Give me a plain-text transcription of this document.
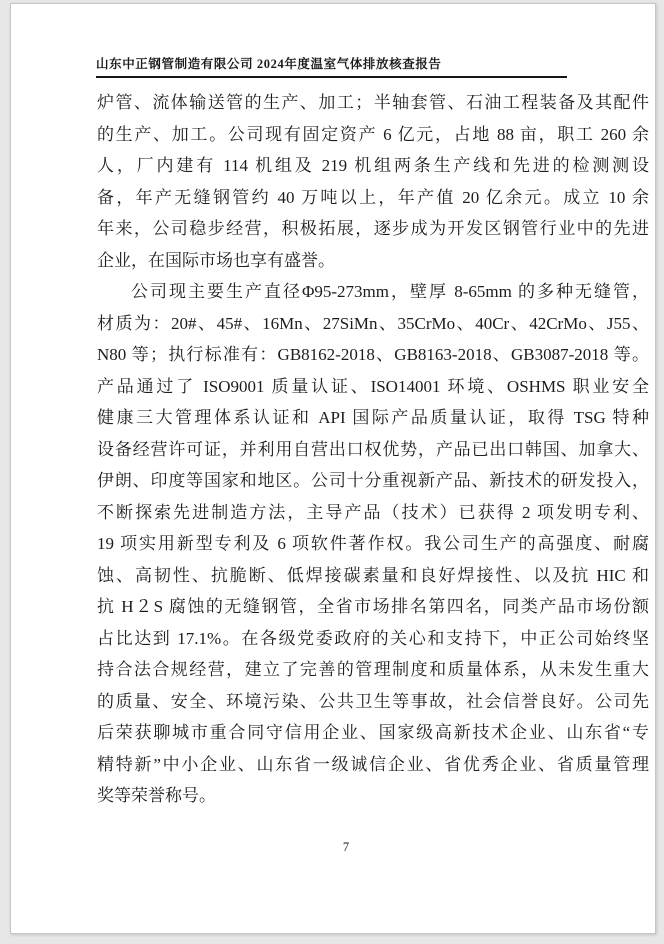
山东中正钢管制造有限公司 2024年度温室气体排放核查报告
炉管、流体输送管的生产、加工；半轴套管、石油工程装备及其配件
的生产、加工。公司现有固定资产 6 亿元，占地 88 亩，职工 260 余
人，厂内建有 114 机组及 219 机组两条生产线和先进的检测测设
备，年产无缝钢管约 40 万吨以上，年产值 20 亿余元。成立 10 余
年来，公司稳步经营，积极拓展，逐步成为开发区钢管行业中的先进
企业，在国际市场也享有盛誉。
公司现主要生产直径Φ95-273mm，壁厚 8-65mm 的多种无缝管，
材质为：20#、45#、16Mn、27SiMn、35CrMo、40Cr、42CrMo、J55、
N80 等；执行标准有：GB8162-2018、GB8163-2018、GB3087-2018 等。
产品通过了 ISO9001 质量认证、ISO14001 环境、OSHMS 职业安全
健康三大管理体系认证和 API 国际产品质量认证，取得 TSG 特种
设备经营许可证，并利用自营出口权优势，产品已出口韩国、加拿大、
伊朗、印度等国家和地区。公司十分重视新产品、新技术的研发投入，
不断探索先进制造方法，主导产品（技术）已获得 2 项发明专利、
19 项实用新型专利及 6 项软件著作权。我公司生产的高强度、耐腐
蚀、高韧性、抗脆断、低焊接碳素量和良好焊接性、以及抗 HIC 和
抗 H２S 腐蚀的无缝钢管，全省市场排名第四名，同类产品市场份额
占比达到 17.1%。在各级党委政府的关心和支持下，中正公司始终坚
持合法合规经营，建立了完善的管理制度和质量体系，从未发生重大
的质量、安全、环境污染、公共卫生等事故，社会信誉良好。公司先
后荣获聊城市重合同守信用企业、国家级高新技术企业、山东省“专
精特新”中小企业、山东省一级诚信企业、省优秀企业、省质量管理
奖等荣誉称号。
7
